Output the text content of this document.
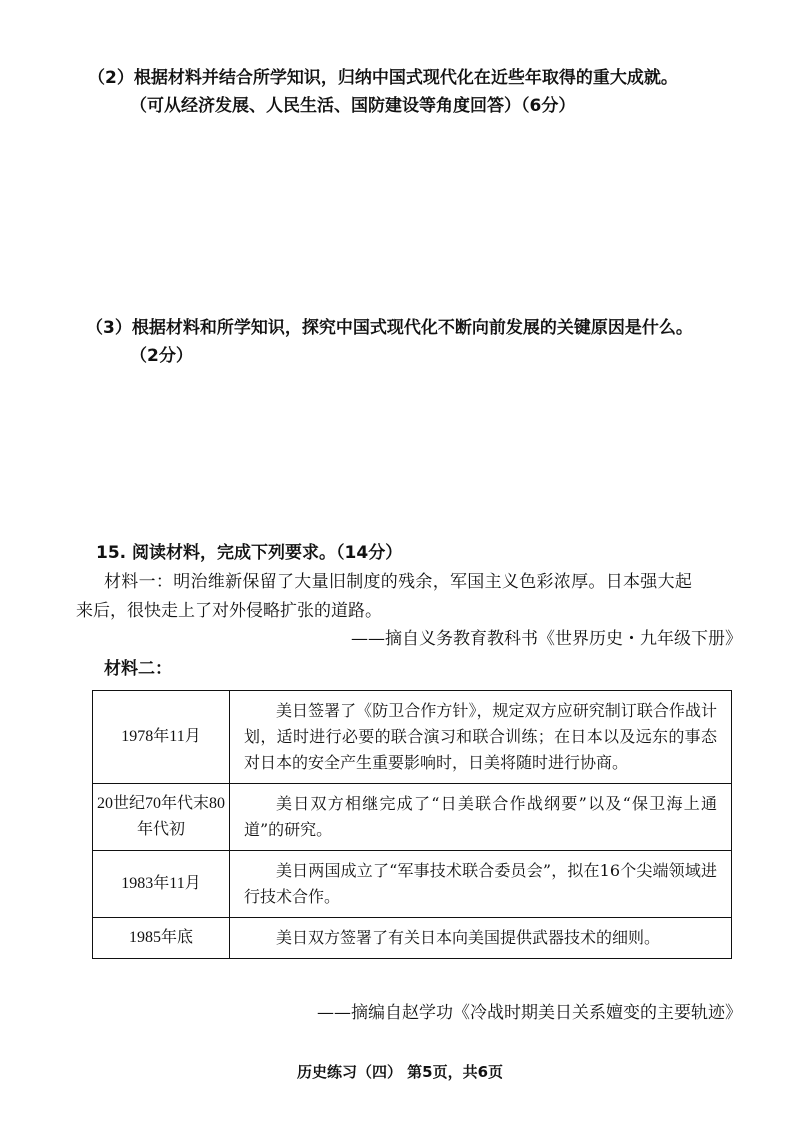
（2）根据材料并结合所学知识，归纳中国式现代化在近些年取得的重大成就。
（可从经济发展、人民生活、国防建设等角度回答）（6分）
（3）根据材料和所学知识，探究中国式现代化不断向前发展的关键原因是什么。
（2分）
15. 阅读材料，完成下列要求。（14分）
材料一：明治维新保留了大量旧制度的残余，军国主义色彩浓厚。日本强大起
来后，很快走上了对外侵略扩张的道路。
——摘自义务教育教科书《世界历史・九年级下册》
材料二：
1978年11月	美日签署了《防卫合作方针》，规定双方应研究制订联合作战计划，适时进行必要的联合演习和联合训练；在日本以及远东的事态对日本的安全产生重要影响时，日美将随时进行协商。
20世纪70年代末80年代初	美日双方相继完成了“日美联合作战纲要”以及“保卫海上通道”的研究。
1983年11月	美日两国成立了“军事技术联合委员会”，拟在16个尖端领域进行技术合作。
1985年底	美日双方签署了有关日本向美国提供武器技术的细则。
——摘编自赵学功《冷战时期美日关系嬗变的主要轨迹》
历史练习（四） 第5页，共6页
